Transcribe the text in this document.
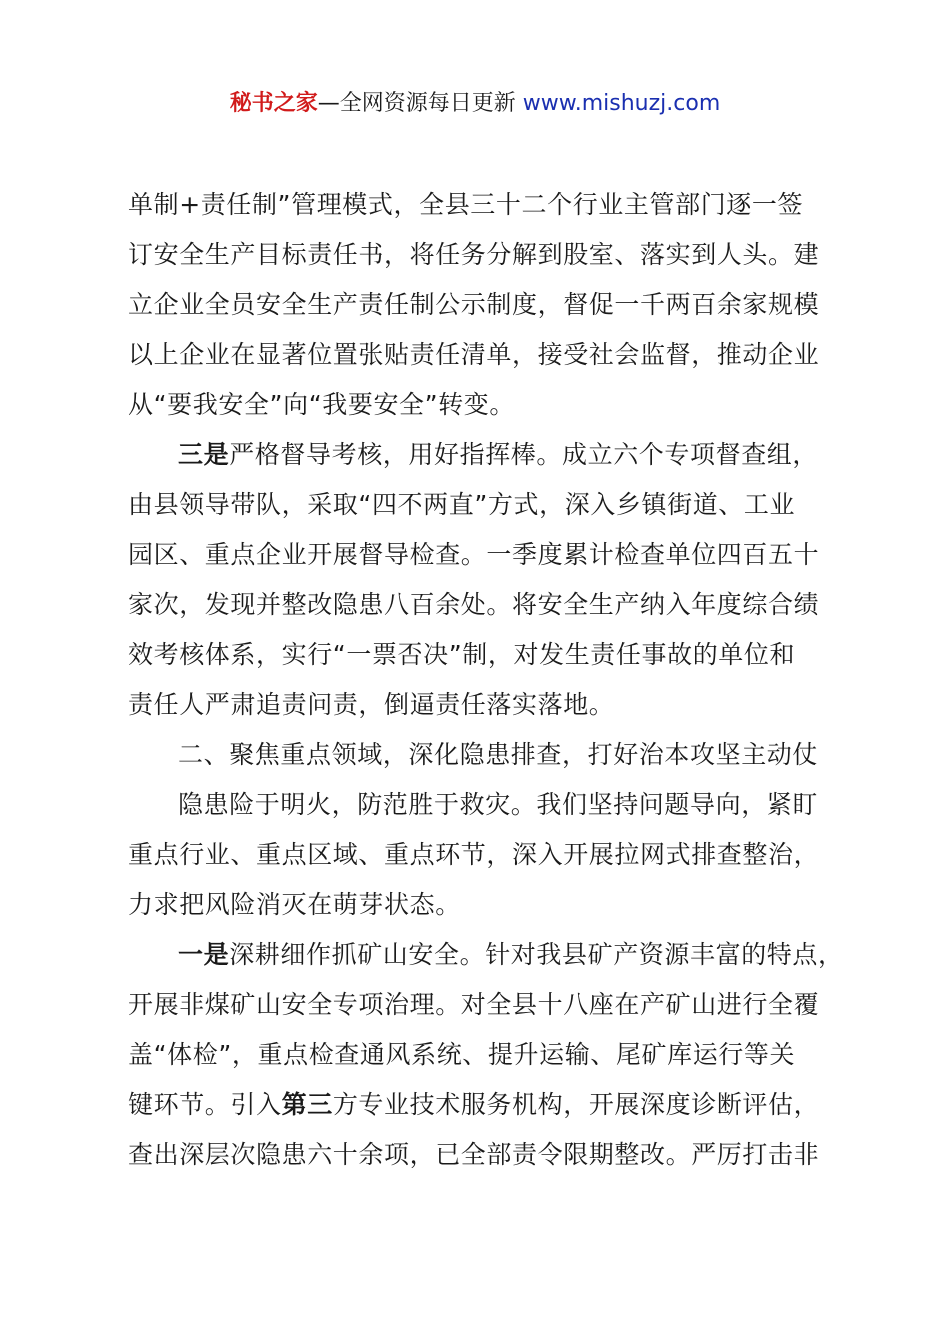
秘书之家—全网资源每日更新 www.mishuzj.com
单制+责任制”管理模式，全县三十二个行业主管部门逐一签
订安全生产目标责任书，将任务分解到股室、落实到人头。建
立企业全员安全生产责任制公示制度，督促一千两百余家规模
以上企业在显著位置张贴责任清单，接受社会监督，推动企业
从“要我安全”向“我要安全”转变。
三是严格督导考核，用好指挥棒。成立六个专项督查组，
由县领导带队，采取“四不两直”方式，深入乡镇街道、工业
园区、重点企业开展督导检查。一季度累计检查单位四百五十
家次，发现并整改隐患八百余处。将安全生产纳入年度综合绩
效考核体系，实行“一票否决”制，对发生责任事故的单位和
责任人严肃追责问责，倒逼责任落实落地。
二、聚焦重点领域，深化隐患排查，打好治本攻坚主动仗
隐患险于明火，防范胜于救灾。我们坚持问题导向，紧盯
重点行业、重点区域、重点环节，深入开展拉网式排查整治，
力求把风险消灭在萌芽状态。
一是深耕细作抓矿山安全。针对我县矿产资源丰富的特点，
开展非煤矿山安全专项治理。对全县十八座在产矿山进行全覆
盖“体检”，重点检查通风系统、提升运输、尾矿库运行等关
键环节。引入第三方专业技术服务机构，开展深度诊断评估，
查出深层次隐患六十余项，已全部责令限期整改。严厉打击非
